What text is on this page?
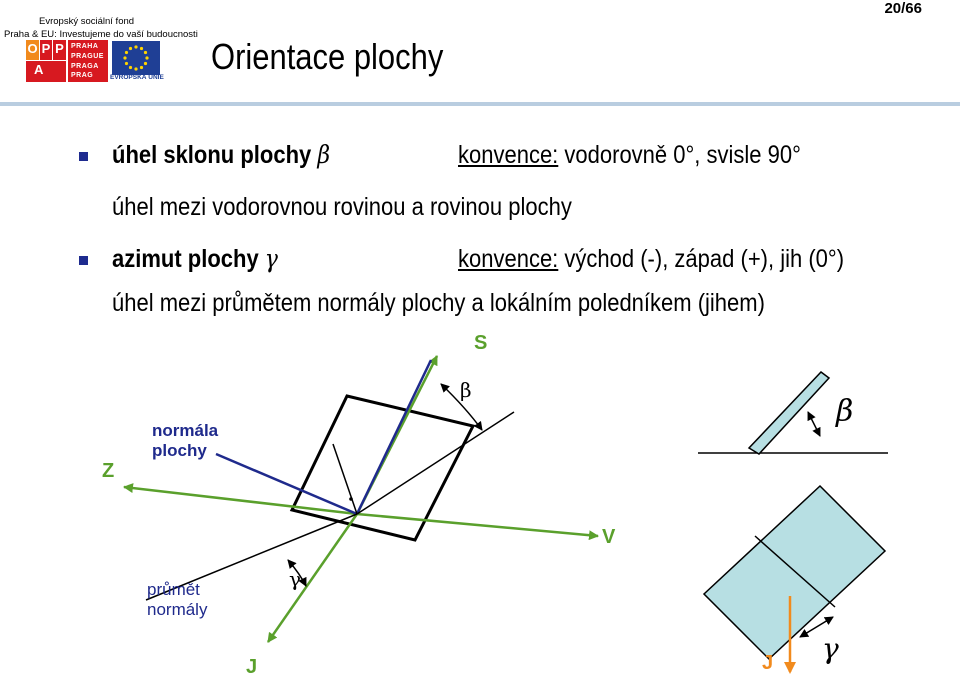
Evropský sociální fond
Praha & EU: Investujeme do vaší budoucnosti
O P P
A
PRAHA
PRAGUE
PRAGA
PRAG	EVROPSKÁ UNIE
Orientace plochy
20/66
úhel sklonu plochy β	konvence: vodorovně 0°, svisle 90°
úhel mezi vodorovnou rovinou a rovinou plochy
azimut plochy γ	konvence: východ (-), západ (+), jih (0°)
úhel mezi průmětem normály plochy a lokálním poledníkem (jihem)
S
Z
V
J	J
normála
plochy
průmět
normály
β
γ
β
γ
